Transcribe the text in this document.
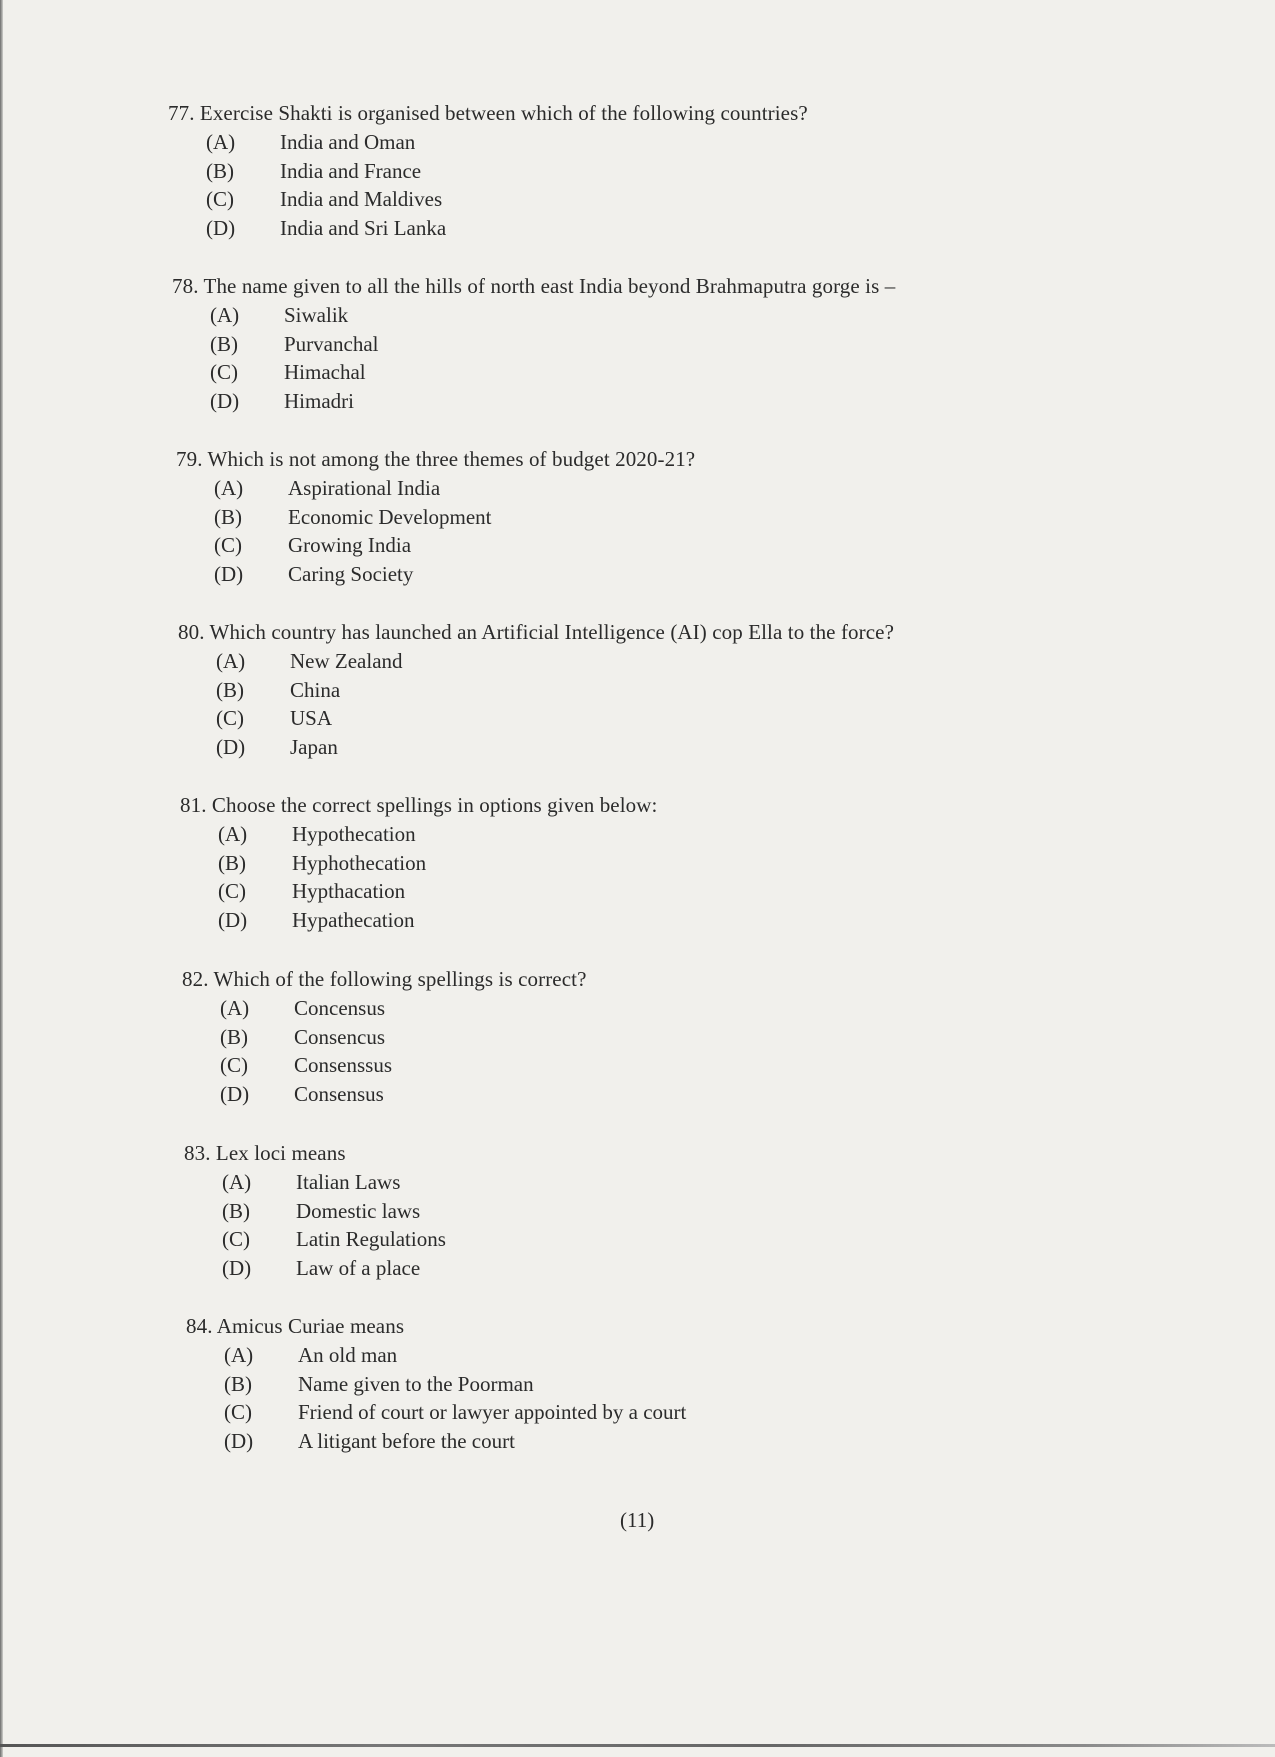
77. Exercise Shakti is organised between which of the following countries?
(A)	India and Oman
(B)	India and France
(C)	India and Maldives
(D)	India and Sri Lanka
78. The name given to all the hills of north east India beyond Brahmaputra gorge is –
(A)	Siwalik
(B)	Purvanchal
(C)	Himachal
(D)	Himadri
79. Which is not among the three themes of budget 2020-21?
(A)	Aspirational India
(B)	Economic Development
(C)	Growing India
(D)	Caring Society
80. Which country has launched an Artificial Intelligence (AI) cop Ella to the force?
(A)	New Zealand
(B)	China
(C)	USA
(D)	Japan
81. Choose the correct spellings in options given below:
(A)	Hypothecation
(B)	Hyphothecation
(C)	Hypthacation
(D)	Hypathecation
82. Which of the following spellings is correct?
(A)	Concensus
(B)	Consencus
(C)	Consenssus
(D)	Consensus
83. Lex loci means
(A)	Italian Laws
(B)	Domestic laws
(C)	Latin Regulations
(D)	Law of a place
84. Amicus Curiae means
(A)	An old man
(B)	Name given to the Poorman
(C)	Friend of court or lawyer appointed by a court
(D)	A litigant before the court
(11)
